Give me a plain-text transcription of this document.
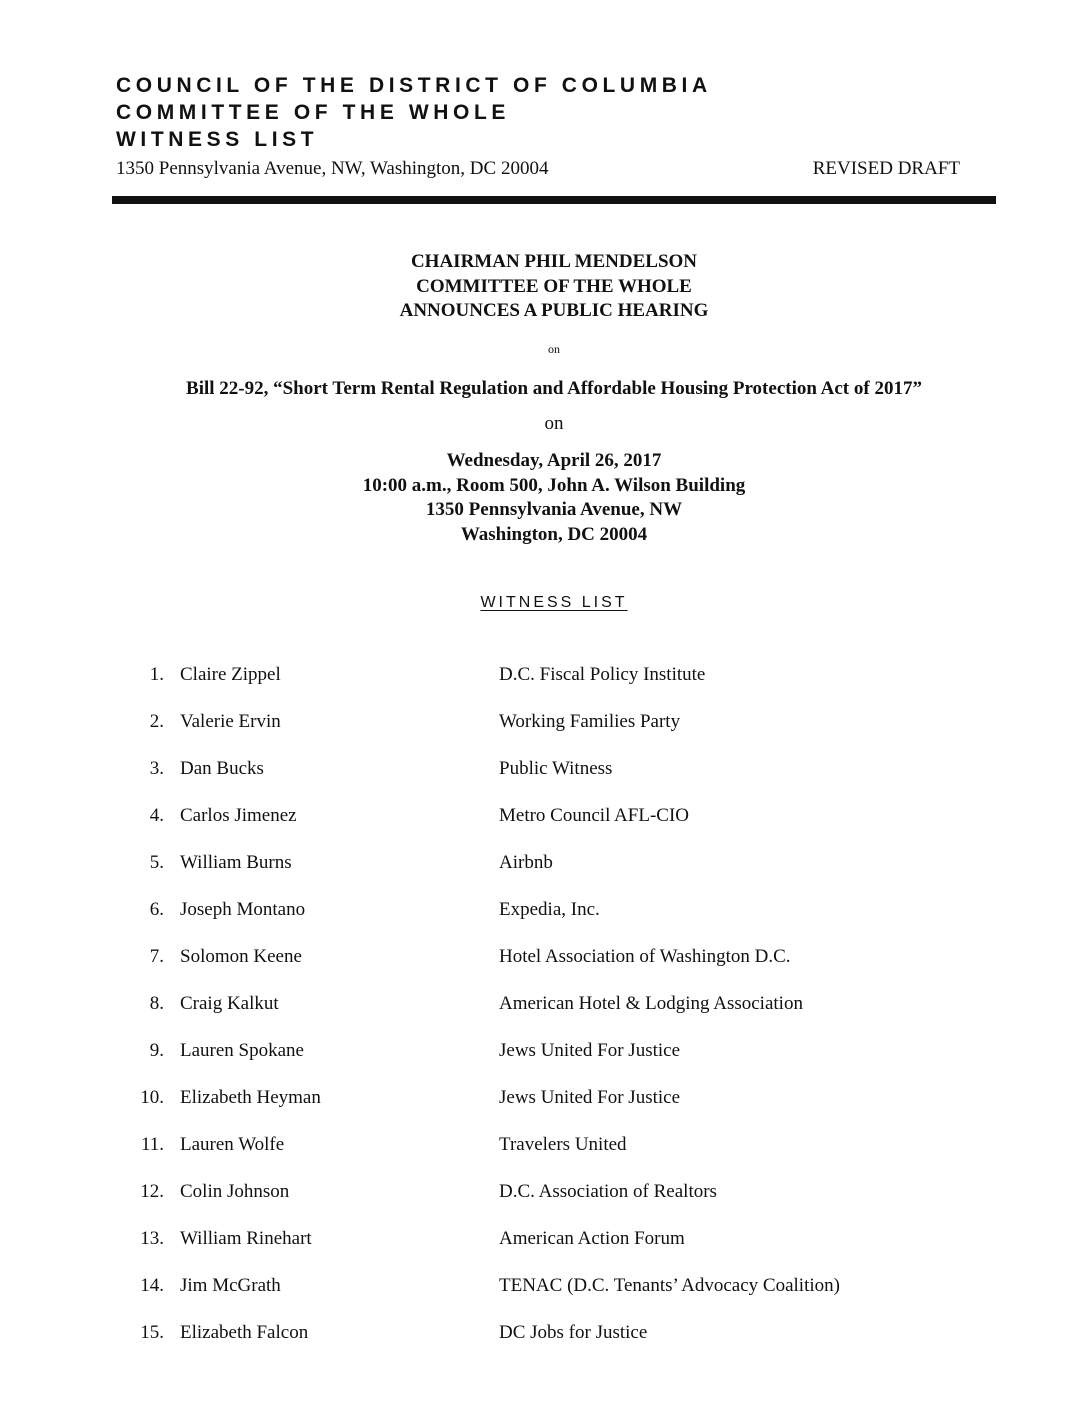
COUNCIL OF THE DISTRICT OF COLUMBIA
COMMITTEE OF THE WHOLE
WITNESS LIST
1350 Pennsylvania Avenue, NW, Washington, DC 20004	REVISED DRAFT
CHAIRMAN PHIL MENDELSON
COMMITTEE OF THE WHOLE
ANNOUNCES A PUBLIC HEARING
on
Bill 22-92, “Short Term Rental Regulation and Affordable Housing Protection Act of 2017”
on
Wednesday, April 26, 2017
10:00 a.m., Room 500, John A. Wilson Building
1350 Pennsylvania Avenue, NW
Washington, DC 20004
WITNESS LIST
1. Claire Zippel	D.C. Fiscal Policy Institute
2. Valerie Ervin	Working Families Party
3. Dan Bucks	Public Witness
4. Carlos Jimenez	Metro Council AFL-CIO
5. William Burns	Airbnb
6. Joseph Montano	Expedia, Inc.
7. Solomon Keene	Hotel Association of Washington D.C.
8. Craig Kalkut	American Hotel & Lodging Association
9. Lauren Spokane	Jews United For Justice
10. Elizabeth Heyman	Jews United For Justice
11. Lauren Wolfe	Travelers United
12. Colin Johnson	D.C. Association of Realtors
13. William Rinehart	American Action Forum
14. Jim McGrath	TENAC (D.C. Tenants’ Advocacy Coalition)
15. Elizabeth Falcon	DC Jobs for Justice
